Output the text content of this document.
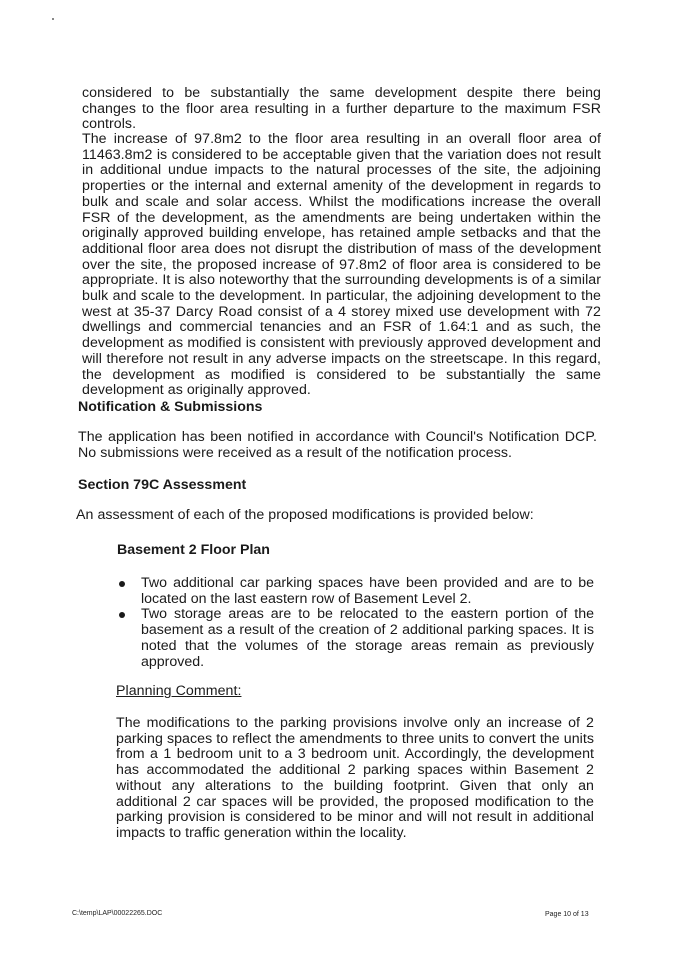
considered to be substantially the same development despite there being changes to the floor area resulting in a further departure to the maximum FSR controls.

The increase of 97.8m2 to the floor area resulting in an overall floor area of 11463.8m2 is considered to be acceptable given that the variation does not result in additional undue impacts to the natural processes of the site, the adjoining properties or the internal and external amenity of the development in regards to bulk and scale and solar access. Whilst the modifications increase the overall FSR of the development, as the amendments are being undertaken within the originally approved building envelope, has retained ample setbacks and that the additional floor area does not disrupt the distribution of mass of the development over the site, the proposed increase of 97.8m2 of floor area is considered to be appropriate. It is also noteworthy that the surrounding developments is of a similar bulk and scale to the development. In particular, the adjoining development to the west at 35-37 Darcy Road consist of a 4 storey mixed use development with 72 dwellings and commercial tenancies and an FSR of 1.64:1 and as such, the development as modified is consistent with previously approved development and will therefore not result in any adverse impacts on the streetscape. In this regard, the development as modified is considered to be substantially the same development as originally approved.

Notification & Submissions

The application has been notified in accordance with Council's Notification DCP. No submissions were received as a result of the notification process.

Section 79C Assessment

An assessment of each of the proposed modifications is provided below:

Basement 2 Floor Plan
Two additional car parking spaces have been provided and are to be located on the last eastern row of Basement Level 2.
Two storage areas are to be relocated to the eastern portion of the basement as a result of the creation of 2 additional parking spaces. It is noted that the volumes of the storage areas remain as previously approved.

Planning Comment:

The modifications to the parking provisions involve only an increase of 2 parking spaces to reflect the amendments to three units to convert the units from a 1 bedroom unit to a 3 bedroom unit. Accordingly, the development has accommodated the additional 2 parking spaces within Basement 2 without any alterations to the building footprint. Given that only an additional 2 car spaces will be provided, the proposed modification to the parking provision is considered to be minor and will not result in additional impacts to traffic generation within the locality.

C:\temp\LAP\00022265.DOC	Page 10 of 13
